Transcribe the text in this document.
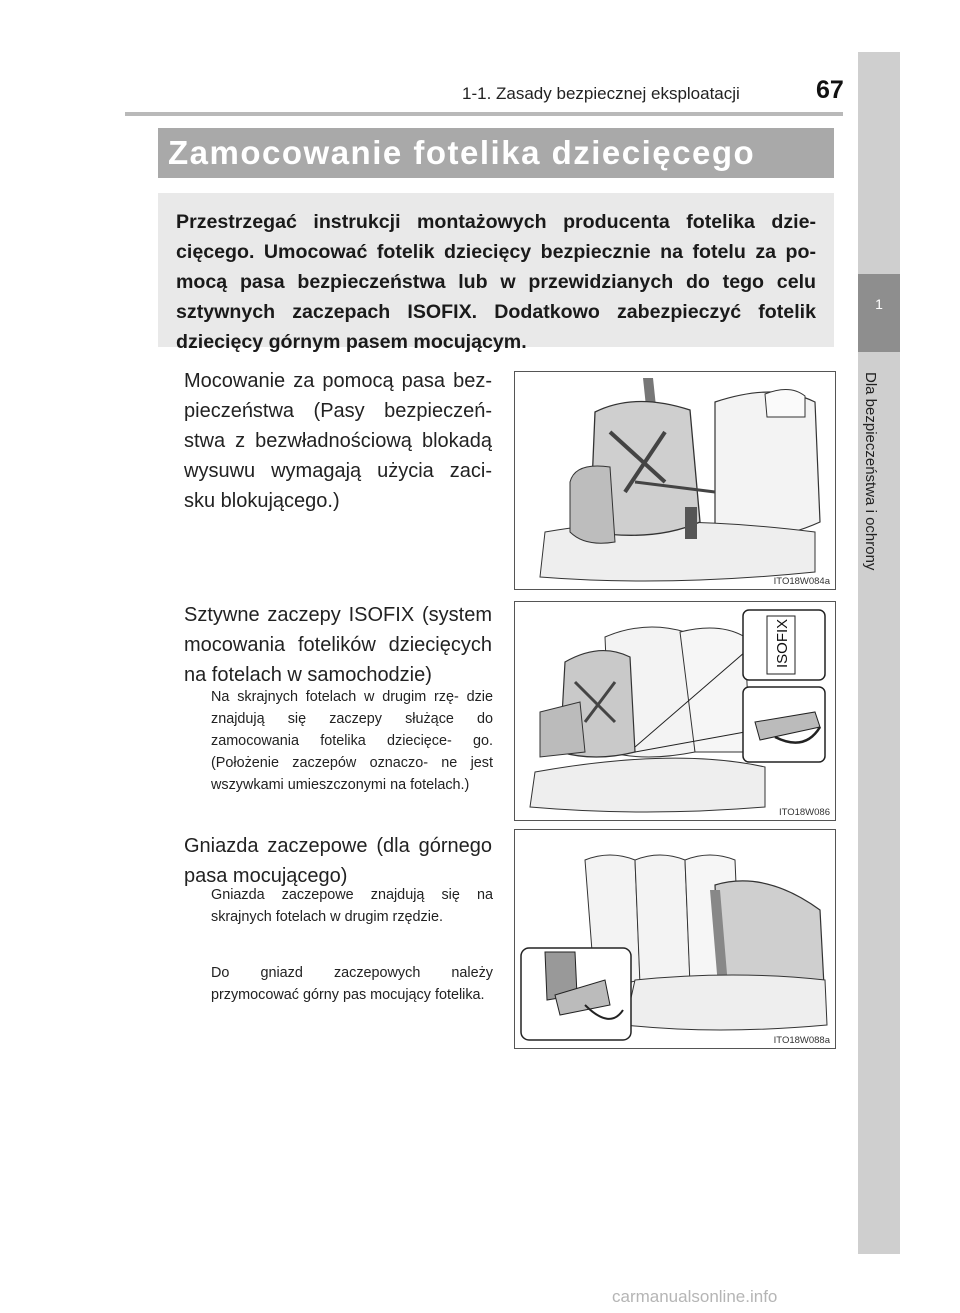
1
Dla bezpieczeństwa i ochrony
1-1. Zasady bezpiecznej eksploatacji	67
Zamocowanie fotelika dziecięcego

Przestrzegać instrukcji montażowych producenta fotelika dzie- cięcego. Umocować fotelik dziecięcy bezpiecznie na fotelu za po- mocą pasa bezpieczeństwa lub w przewidzianych do tego celu sztywnych zaczepach ISOFIX. Dodatkowo zabezpieczyć fotelik dziecięcy górnym pasem mocującym.

Mocowanie za pomocą pasa bez- pieczeństwa (Pasy bezpieczeń- stwa z bezwładnościową blokadą wysuwu wymagają użycia zaci- sku blokującego.)
ITO18W084a
Sztywne zaczepy ISOFIX (system mocowania fotelików dziecięcych na fotelach w samochodzie)
Na skrajnych fotelach w drugim rzę- dzie znajdują się zaczepy służące do zamocowania fotelika dziecięce- go. (Położenie zaczepów oznaczo- ne jest wszywkami umieszczonymi na fotelach.)
ISOFIX
ITO18W086
Gniazda zaczepowe (dla górnego pasa mocującego)
Gniazda zaczepowe znajdują się na skrajnych fotelach w drugim rzędzie.
Do gniazd zaczepowych należy przymocować górny pas mocujący fotelika.
ITO18W088a
carmanualsonline.info
